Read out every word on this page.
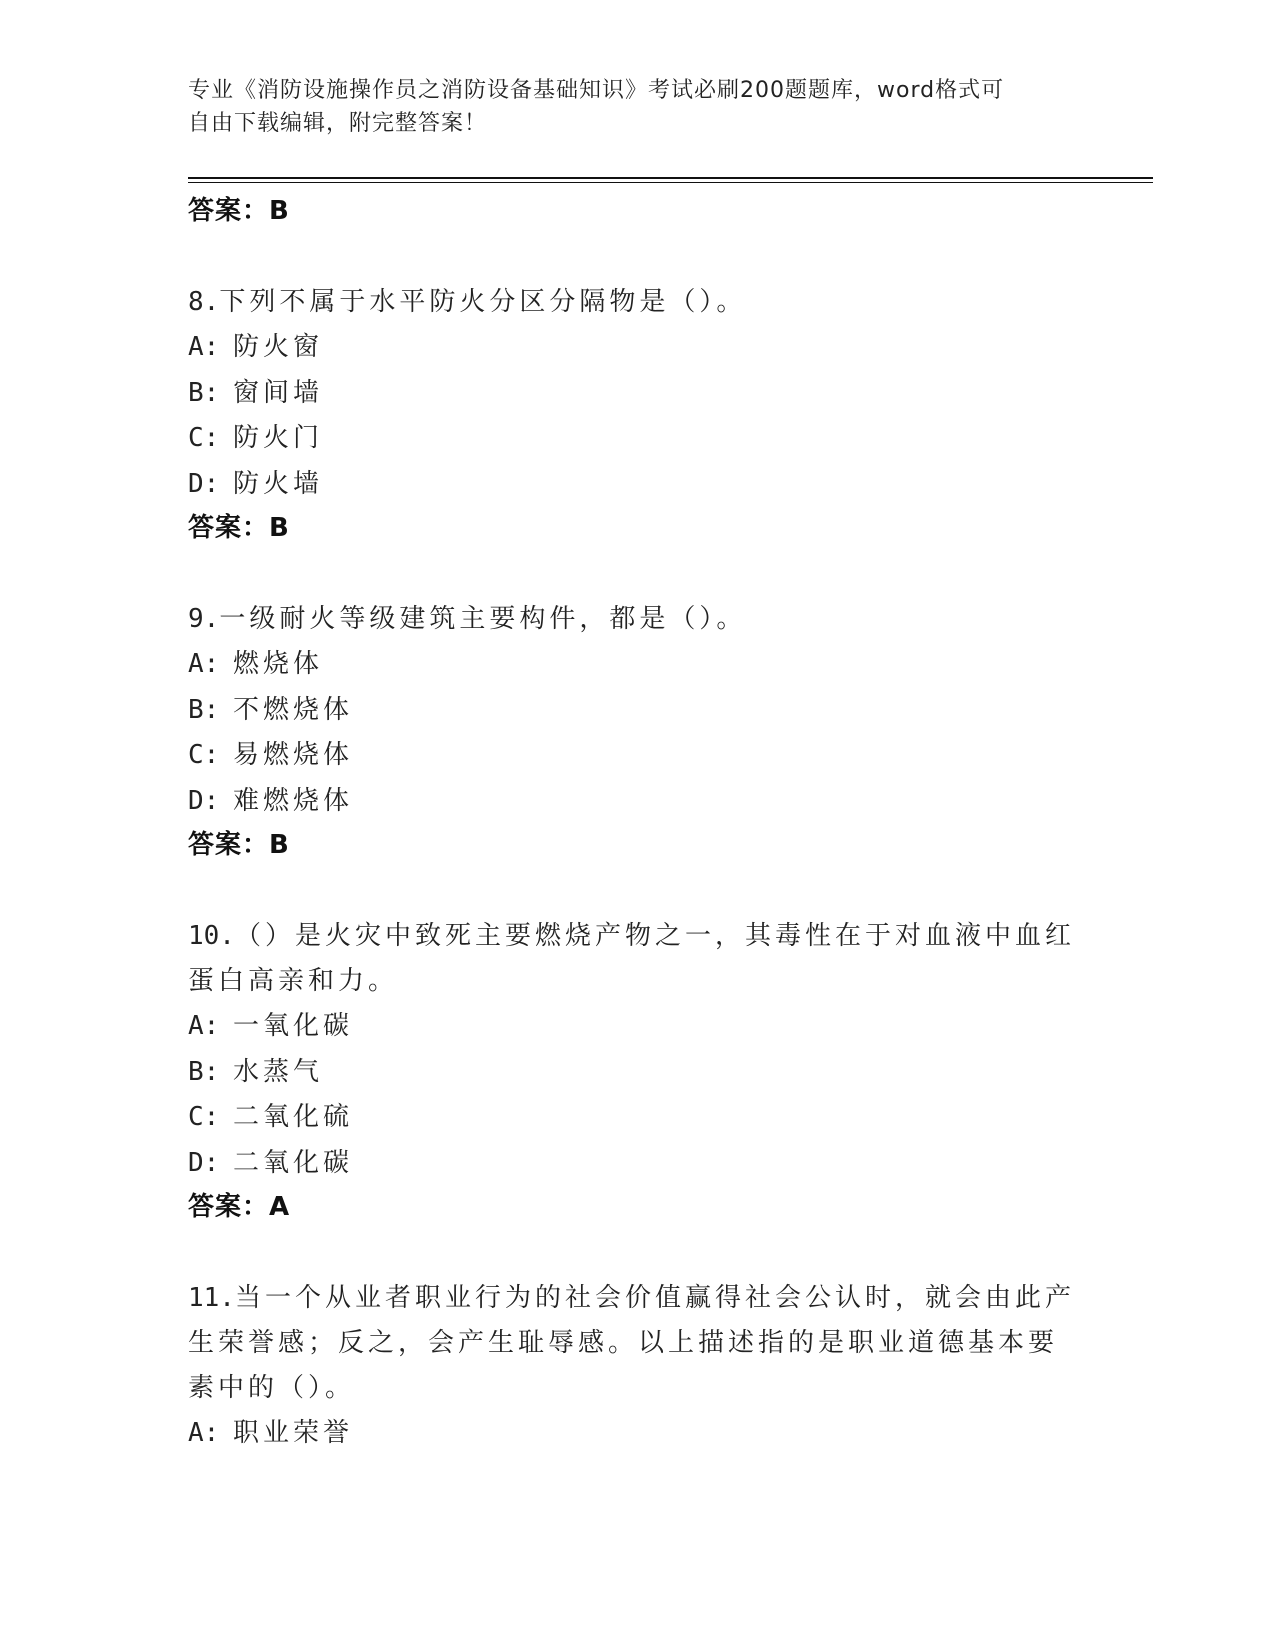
专业《消防设施操作员之消防设备基础知识》考试必刷200题题库，word格式可
自由下载编辑，附完整答案！
答案：B
8.下列不属于水平防火分区分隔物是（）。
A: 防火窗
B: 窗间墙
C: 防火门
D: 防火墙
答案：B
9.一级耐火等级建筑主要构件，都是（）。
A: 燃烧体
B: 不燃烧体
C: 易燃烧体
D: 难燃烧体
答案：B
10.（）是火灾中致死主要燃烧产物之一，其毒性在于对血液中血红蛋白高亲和力。
A: 一氧化碳
B: 水蒸气
C: 二氧化硫
D: 二氧化碳
答案：A
11.当一个从业者职业行为的社会价值赢得社会公认时，就会由此产生荣誉感；反之，会产生耻辱感。以上描述指的是职业道德基本要素中的（）。
A: 职业荣誉
